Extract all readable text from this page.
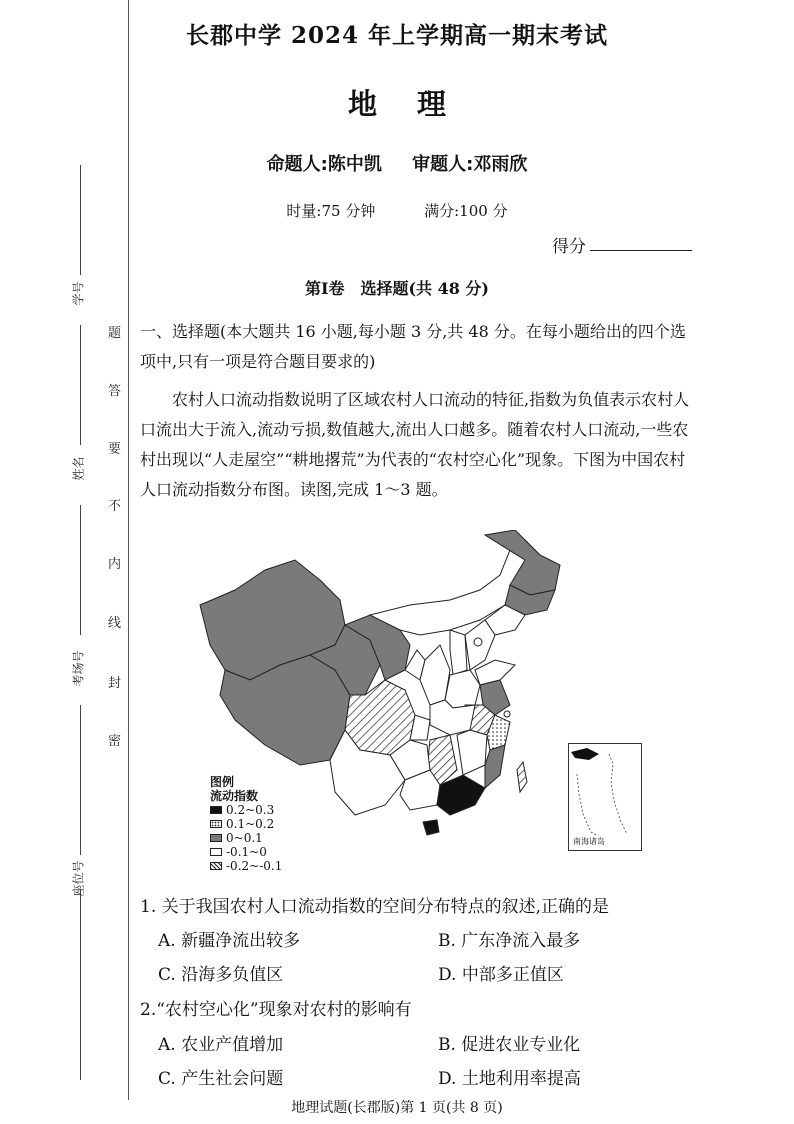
题
答
要
不
内
线
封
密
学号
姓名
考场号
座位号
长郡中学 2024 年上学期高一期末考试
地理
命题人:陈中凯 审题人:邓雨欣
时量:75 分钟	满分:100 分
得分
第Ⅰ卷　选择题(共 48 分)
一、选择题(本大题共 16 小题,每小题 3 分,共 48 分。在每小题给出的四个选项中,只有一项是符合题目要求的)
农村人口流动指数说明了区域农村人口流动的特征,指数为负值表示农村人口流出大于流入,流动亏损,数值越大,流出人口越多。随着农村人口流动,一些农村出现以“人走屋空”“耕地撂荒”为代表的“农村空心化”现象。下图为中国农村人口流动指数分布图。读图,完成 1～3 题。
图例
流动指数
0.2~0.3
0.1~0.2
0~0.1
-0.1~0
-0.2~-0.1
南海诸岛
1. 关于我国农村人口流动指数的空间分布特点的叙述,正确的是
A. 新疆净流出较多	B. 广东净流入最多
C. 沿海多负值区	D. 中部多正值区
2.“农村空心化”现象对农村的影响有
A. 农业产值增加	B. 促进农业专业化
C. 产生社会问题	D. 土地利用率提高
地理试题(长郡版)第 1 页(共 8 页)
